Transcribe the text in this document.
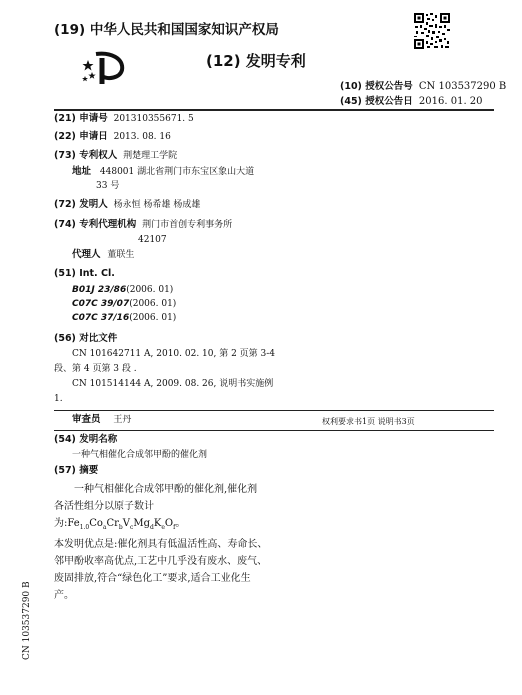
(19) 中华人民共和国国家知识产权局
(12) 发明专利
(10) 授权公告号 CN 103537290 B
(45) 授权公告日 2016. 01. 20
(21) 申请号 201310355671. 5
(22) 申请日 2013. 08. 16
(73) 专利权人 荆楚理工学院
地址 448001 湖北省荆门市东宝区象山大道
33 号
(72) 发明人 杨永恒 杨希雄 杨成雄
(74) 专利代理机构 荆门市首创专利事务所
42107
代理人 董联生
(51) Int. Cl.
B01J 23/86(2006. 01)
C07C 39/07(2006. 01)
C07C 37/16(2006. 01)
(56) 对比文件
CN 101642711 A, 2010. 02. 10, 第 2 页第 3-4
段、第 4 页第 3 段 .
CN 101514144 A, 2009. 08. 26, 说明书实施例
1.
审查员 王丹	权利要求书1页 说明书3页
(54) 发明名称
一种气相催化合成邻甲酚的催化剂
(57) 摘要
一种气相催化合成邻甲酚的催化剂,催化剂
各活性组分以原子数计为$:Fe_{1.0}Co_aCr_bV_cMg_dK_eO_f$。
本发明优点是:催化剂具有低温活性高、寿命长、
邻甲酚收率高优点,工艺中几乎没有废水、废气、
废固排放,符合“绿色化工”要求,适合工业化生
产。
CN 103537290 B
